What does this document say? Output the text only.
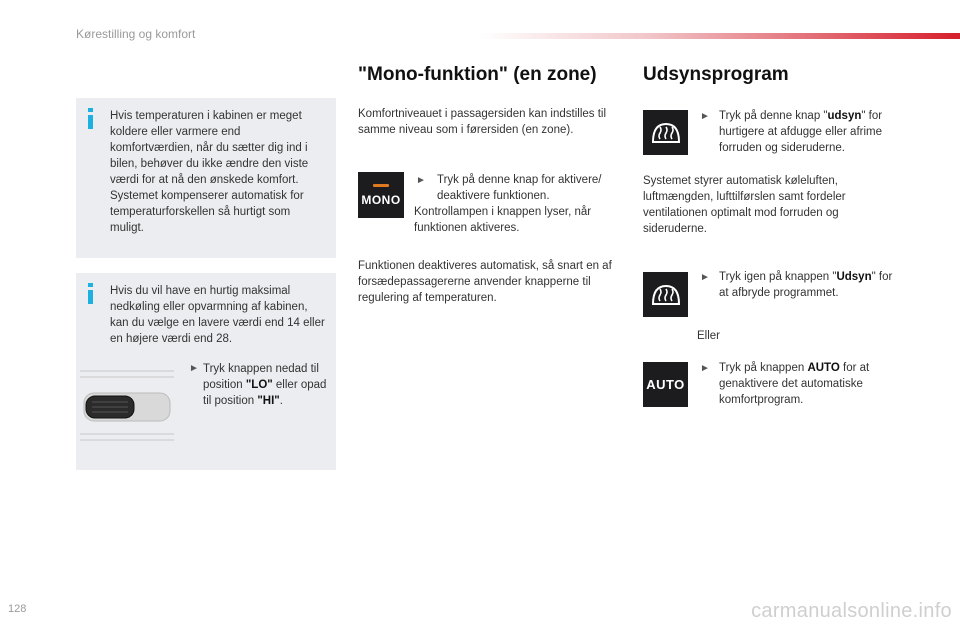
Kørestilling og komfort
128	carmanualsonline.info
Hvis temperaturen i kabinen er meget koldere eller varmere end komfortværdien, når du sætter dig ind i bilen, behøver du ikke ændre den viste værdi for at nå den ønskede komfort. Systemet kompenserer automatisk for temperaturforskellen så hurtigt som muligt.
Hvis du vil have en hurtig maksimal nedkøling eller opvarmning af kabinen, kan du vælge en lavere værdi end 14 eller en højere værdi end 28.
Tryk knappen nedad til position "LO" eller opad til position "HI".
►
"Mono-funktion" (en zone)
Komfortniveauet i passagersiden kan indstilles til samme niveau som i førersiden (en zone).
MONO
► Tryk på denne knap for aktivere/ deaktivere funktionen.
Kontrollampen i knappen lyser, når funktionen aktiveres.
Funktionen deaktiveres automatisk, så snart en af forsædepassagererne anvender knapperne til regulering af temperaturen.
Udsynsprogram
► Tryk på denne knap "udsyn" for hurtigere at afdugge eller afrime forruden og sideruderne.
Systemet styrer automatisk køleluften, luftmængden, lufttilførslen samt fordeler ventilationen optimalt mod forruden og sideruderne.
► Tryk igen på knappen "Udsyn" for at afbryde programmet.
Eller
AUTO
► Tryk på knappen AUTO for at genaktivere det automatiske komfortprogram.
